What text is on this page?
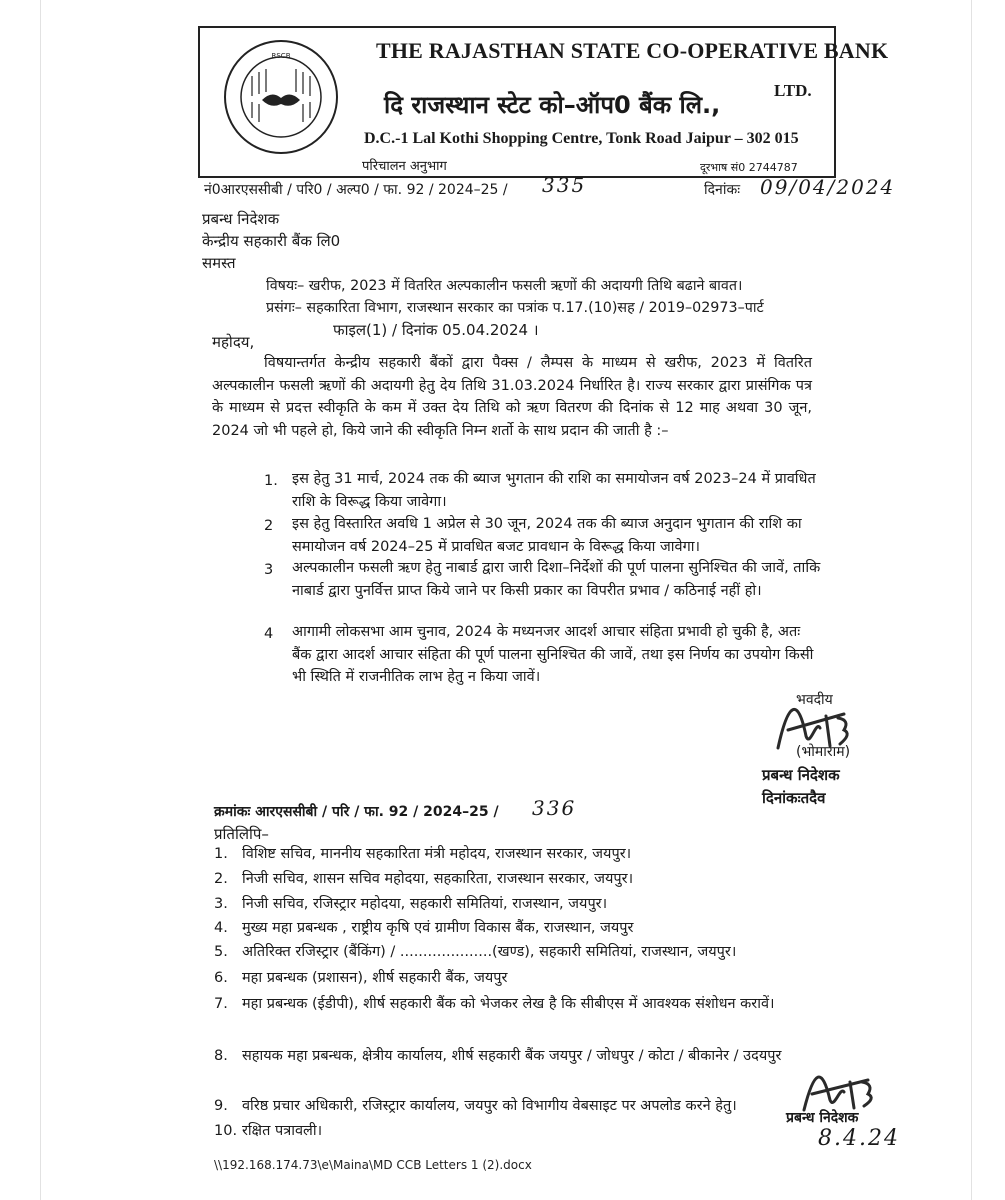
RSCB	THE RAJASTHAN STATE CO-OPERATIVE BANK
LTD.
दि राजस्थान स्टेट को–ऑप0 बैंक लि.,
D.C.-1 Lal Kothi Shopping Centre, Tonk Road Jaipur – 302 015
परिचालन अनुभाग	दूरभाष सं0 2744787
नं0आरएससीबी / परि0 / अल्प0 / फा. 92 / 2024–25 / 335	दिनांकः 09/04/2024
प्रबन्ध निदेशक
केन्द्रीय सहकारी बैंक लि0
समस्त
विषयः– खरीफ, 2023 में वितरित अल्पकालीन फसली ऋणों की अदायगी तिथि बढाने बावत।
प्रसंगः– सहकारिता विभाग, राजस्थान सरकार का पत्रांक प.17.(10)सह / 2019–02973–पार्ट
फाइल(1) / दिनांक 05.04.2024 ।
महोदय,
विषयान्तर्गत केन्द्रीय सहकारी बैंकों द्वारा पैक्स / लैम्पस के माध्यम से खरीफ, 2023 में वितरित अल्पकालीन फसली ऋणों की अदायगी हेतु देय तिथि 31.03.2024 निर्धारित है। राज्य सरकार द्वारा प्रासंगिक पत्र के माध्यम से प्रदत्त स्वीकृति के कम में उक्त देय तिथि को ऋण वितरण की दिनांक से 12 माह अथवा 30 जून, 2024 जो भी पहले हो, किये जाने की स्वीकृति निम्न शर्तो के साथ प्रदान की जाती है :–
1. इस हेतु 31 मार्च, 2024 तक की ब्याज भुगतान की राशि का समायोजन वर्ष 2023–24 में प्रावधित राशि के विरूद्ध किया जावेगा।
2 इस हेतु विस्तारित अवधि 1 अप्रेल से 30 जून, 2024 तक की ब्याज अनुदान भुगतान की राशि का समायोजन वर्ष 2024–25 में प्रावधित बजट प्रावधान के विरूद्ध किया जावेगा।
3 अल्पकालीन फसली ऋण हेतु नाबार्ड द्वारा जारी दिशा–निर्देशों की पूर्ण पालना सुनिश्चित की जावें, ताकि नाबार्ड द्वारा पुनर्वित्त प्राप्त किये जाने पर किसी प्रकार का विपरीत प्रभाव / कठिनाई नहीं हो।
4 आगामी लोकसभा आम चुनाव, 2024 के मध्यनजर आदर्श आचार संहिता प्रभावी हो चुकी है, अतः बैंक द्वारा आदर्श आचार संहिता की पूर्ण पालना सुनिश्चित की जावें, तथा इस निर्णय का उपयोग किसी भी स्थिति में राजनीतिक लाभ हेतु न किया जावें।
भवदीय
(भोमाराम)
प्रबन्ध निदेशक
दिनांकःतदैव
क्रमांकः आरएससीबी / परि / फा. 92 / 2024–25 / 336
प्रतिलिपि–
1. विशिष्ट सचिव, माननीय सहकारिता मंत्री महोदय, राजस्थान सरकार, जयपुर।
2. निजी सचिव, शासन सचिव महोदया, सहकारिता, राजस्थान सरकार, जयपुर।
3. निजी सचिव, रजिस्ट्रार महोदया, सहकारी समितियां, राजस्थान, जयपुर।
4. मुख्य महा प्रबन्धक , राष्ट्रीय कृषि एवं ग्रामीण विकास बैंक, राजस्थान, जयपुर
5. अतिरिक्त रजिस्ट्रार (बैंकिंग) / ....................(खण्ड), सहकारी समितियां, राजस्थान, जयपुर।
6. महा प्रबन्धक (प्रशासन), शीर्ष सहकारी बैंक, जयपुर
7. महा प्रबन्धक (ईडीपी), शीर्ष सहकारी बैंक को भेजकर लेख है कि सीबीएस में आवश्यक संशोधन करावें।
8. सहायक महा प्रबन्धक, क्षेत्रीय कार्यालय, शीर्ष सहकारी बैंक जयपुर / जोधपुर / कोटा / बीकानेर / उदयपुर
9. वरिष्ठ प्रचार अधिकारी, रजिस्ट्रार कार्यालय, जयपुर को विभागीय वेबसाइट पर अपलोड करने हेतु।
10. रक्षित पत्रावली।
प्रबन्ध निदेशक
8.4.24
\\192.168.174.73\e\Maina\MD CCB Letters 1 (2).docx
